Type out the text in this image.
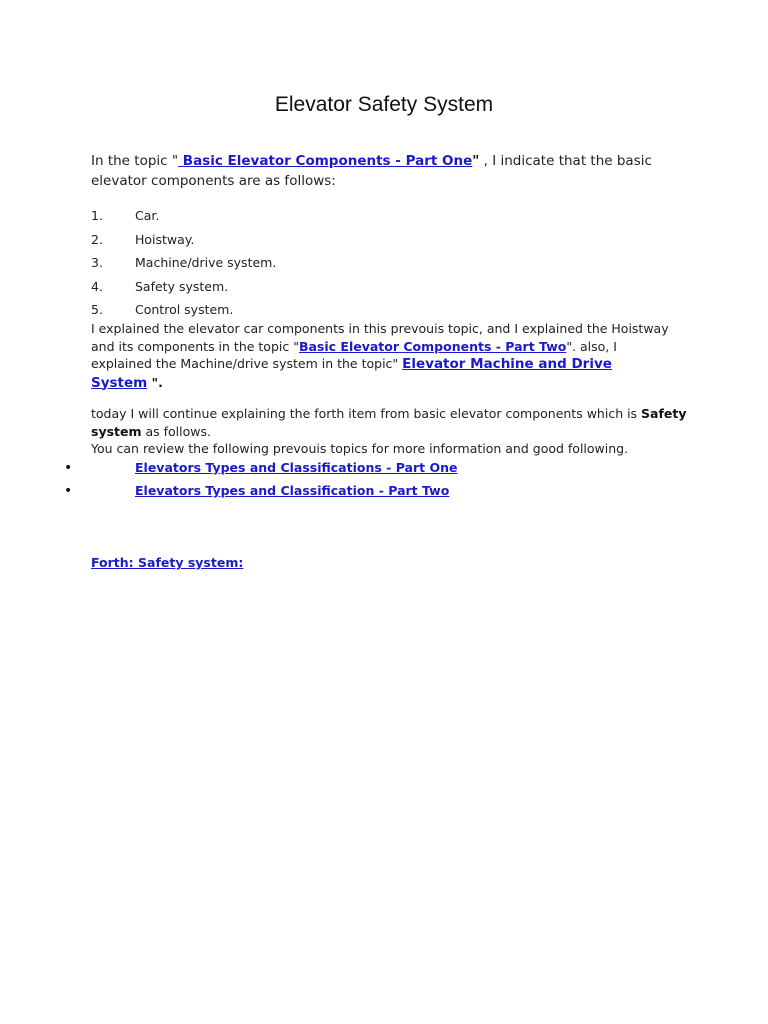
Elevator Safety System
In the topic " Basic Elevator Components - Part One" , I indicate that the basic elevator components are as follows:
1.	Car.
2.	Hoistway.
3.	Machine/drive system.
4.	Safety system.
5.	Control system.
I explained the elevator car components in this prevouis topic, and I explained the Hoistway and its components in the topic "Basic Elevator Components - Part Two". also, I explained the Machine/drive system in the topic" Elevator Machine and Drive System ".
today I will continue explaining the forth item from basic elevator components which is Safety system as follows.
You can review the following prevouis topics for more information and good following.
•	Elevators Types and Classifications - Part One
•	Elevators Types and Classification - Part Two
Forth: Safety system:
